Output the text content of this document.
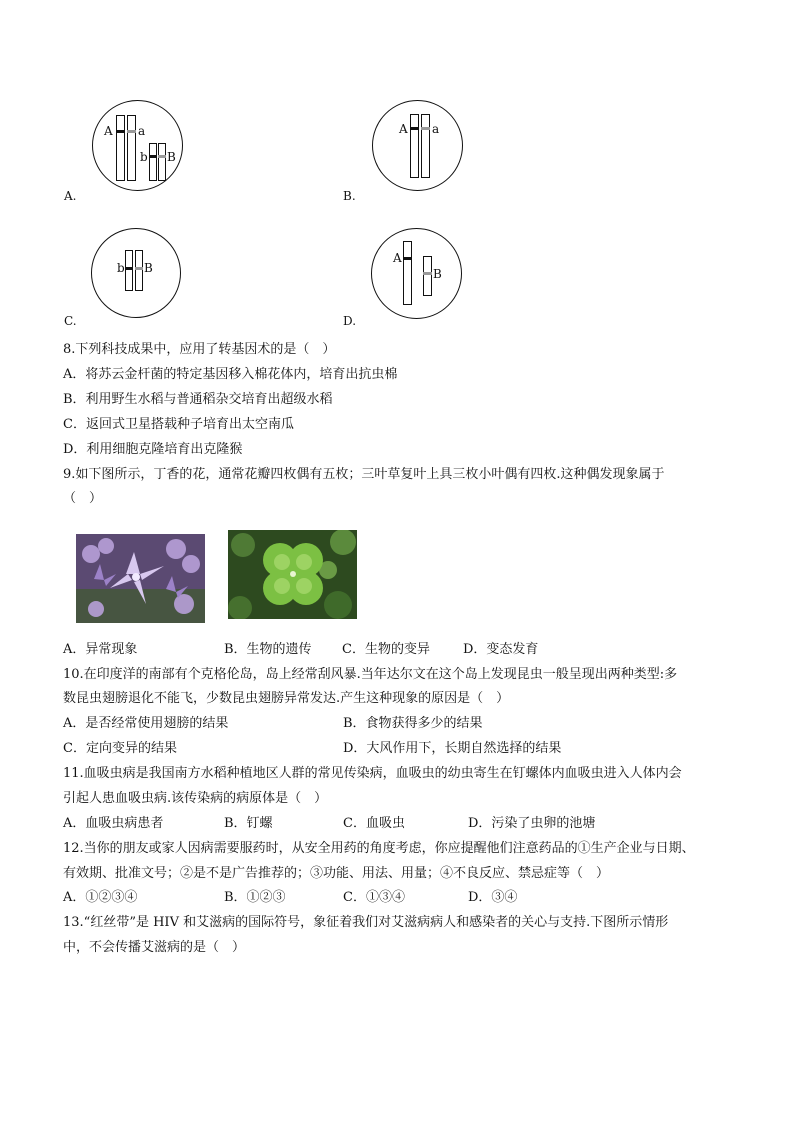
A a
b B
A.
A a
B.
b B
C.
A
B
D.
8.下列科技成果中，应用了转基因术的是（　）
A．将苏云金杆菌的特定基因移入棉花体内，培育出抗虫棉
B．利用野生水稻与普通稻杂交培育出超级水稻
C．返回式卫星搭载种子培育出太空南瓜
D．利用细胞克隆培育出克隆猴
9.如下图所示，丁香的花，通常花瓣四枚偶有五枚；三叶草复叶上具三枚小叶偶有四枚.这种偶发现象属于
（　）
A．异常现象	B．生物的遗传 C．生物的变异	D．变态发育
10.在印度洋的南部有个克格伦岛，岛上经常刮风暴.当年达尔文在这个岛上发现昆虫一般呈现出两种类型:多
数昆虫翅膀退化不能飞，少数昆虫翅膀异常发达.产生这种现象的原因是（　）
A．是否经常使用翅膀的结果	B．食物获得多少的结果
C．定向变异的结果	D．大风作用下，长期自然选择的结果
11.血吸虫病是我国南方水稻种植地区人群的常见传染病，血吸虫的幼虫寄生在钉螺体内血吸虫进入人体内会
引起人患血吸虫病.该传染病的病原体是（　）
A．血吸虫病患者	B．钉螺	C．血吸虫	D．污染了虫卵的池塘
12.当你的朋友或家人因病需要服药时，从安全用药的角度考虑，你应提醒他们注意药品的①生产企业与日期、
有效期、批准文号；②是不是广告推荐的；③功能、用法、用量；④不良反应、禁忌症等（　）
A．①②③④	B．①②③	C．①③④	D．③④
13.“红丝带”是 HIV 和艾滋病的国际符号，象征着我们对艾滋病病人和感染者的关心与支持.下图所示情形
中，不会传播艾滋病的是（　）
